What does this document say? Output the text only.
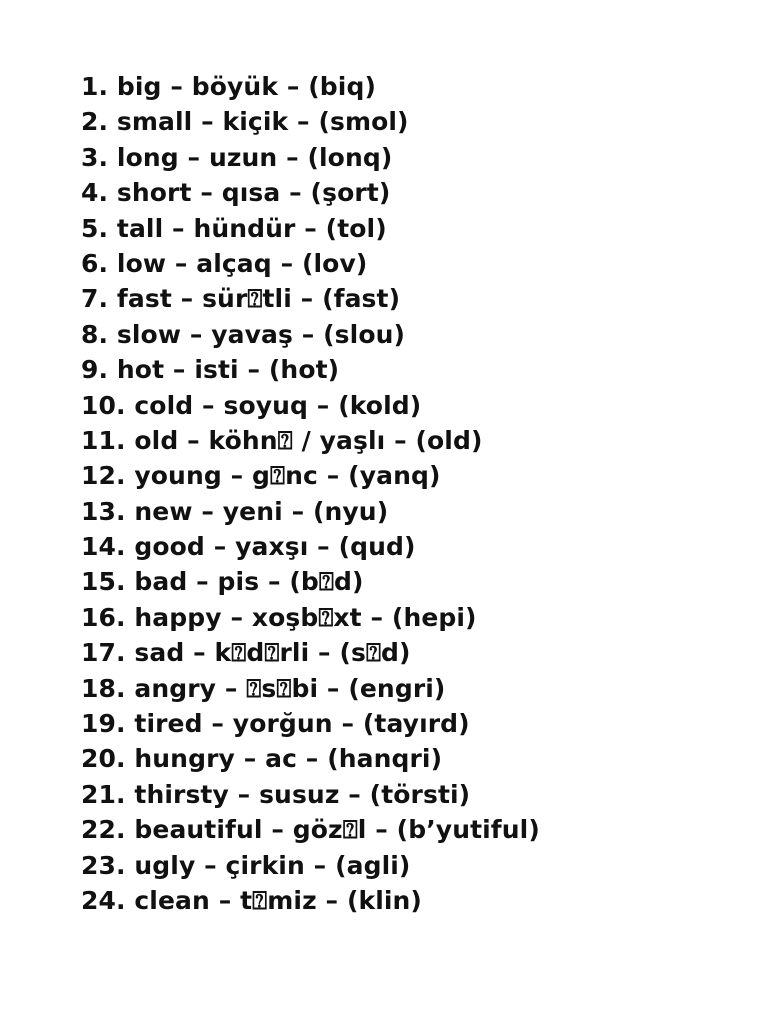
1. big – böyük – (biq)
2. small – kiçik – (smol)
3. long – uzun – (lonq)
4. short – qısa – (şort)
5. tall – hündür – (tol)
6. low – alçaq – (lov)
7. fast – sür⍰tli – (fast)
8. slow – yavaş – (slou)
9. hot – isti – (hot)
10. cold – soyuq – (kold)
11. old – köhn⍰ / yaşlı – (old)
12. young – g⍰nc – (yanq)
13. new – yeni – (nyu)
14. good – yaxşı – (qud)
15. bad – pis – (b⍰d)
16. happy – xoşb⍰xt – (hepi)
17. sad – k⍰d⍰rli – (s⍰d)
18. angry – ⍰s⍰bi – (engri)
19. tired – yorğun – (tayırd)
20. hungry – ac – (hanqri)
21. thirsty – susuz – (törsti)
22. beautiful – göz⍰l – (b’yutiful)
23. ugly – çirkin – (agli)
24. clean – t⍰miz – (klin)
